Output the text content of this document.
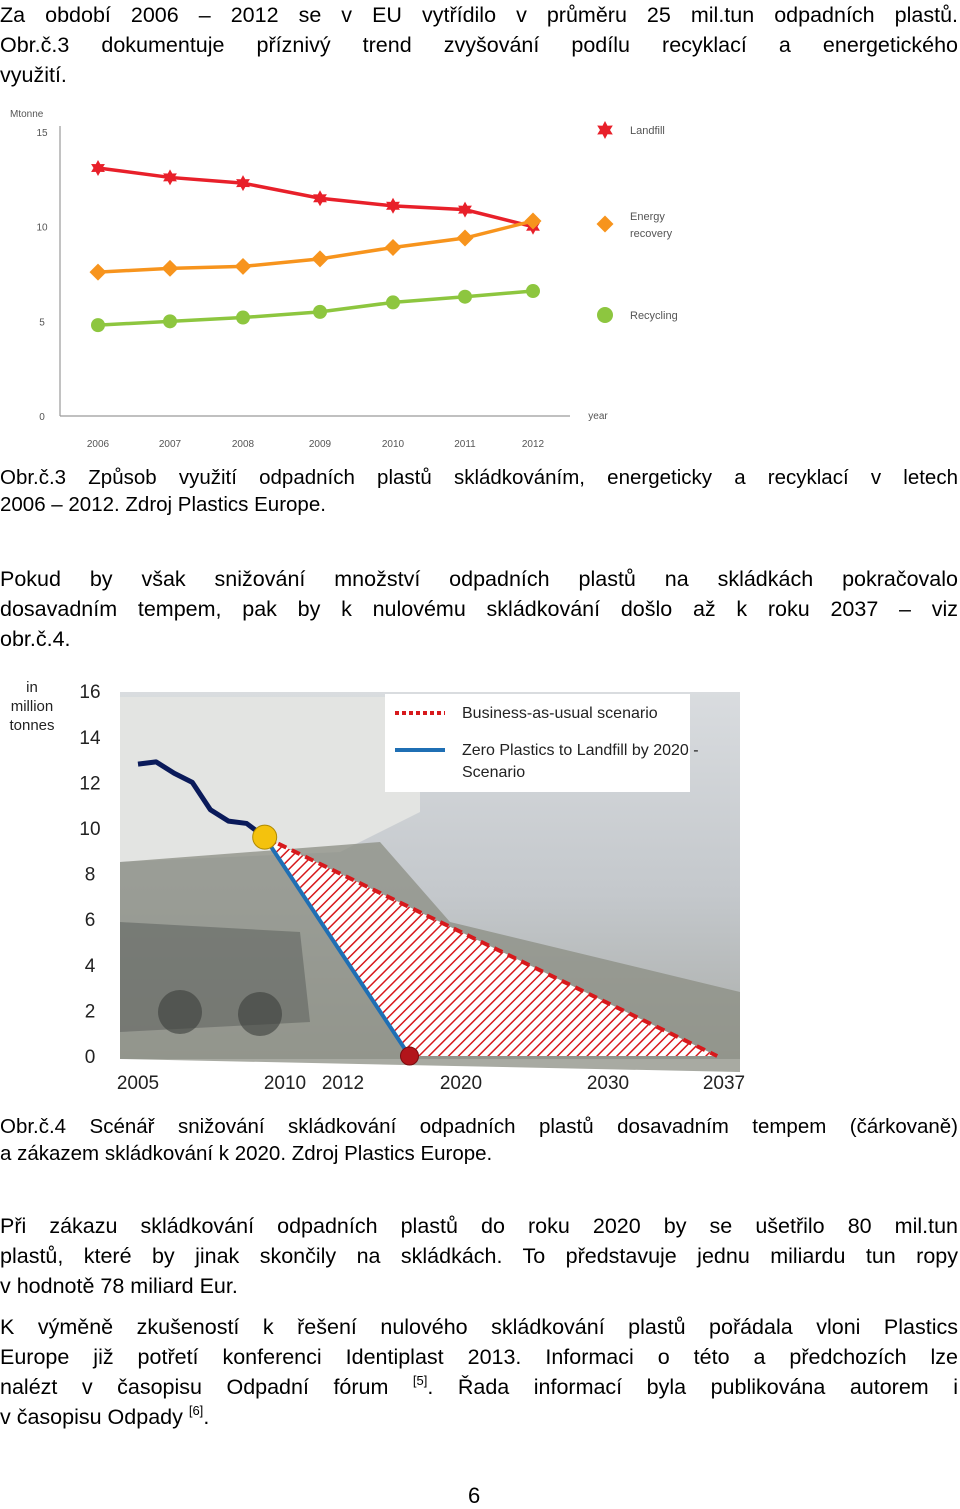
Za období 2006 – 2012 se v EU vytřídilo v průměru 25 mil.tun odpadních plastů.
Obr.č.3 dokumentuje příznivý trend zvyšování podílu recyklací a energetického
využití.
Mtonne
0
5
10
15
2006	2007	2008	2009	2010	2011	2012
year
Landfill
Energy recovery
Recycling
Obr.č.3 Způsob využití odpadních plastů skládkováním, energeticky a recyklací v letech
2006 – 2012. Zdroj Plastics Europe.
Pokud by však snižování množství odpadních plastů na skládkách pokračovalo
dosavadním tempem, pak by k nulovému skládkování došlo až k roku 2037 – viz
obr.č.4.
Business-as-usual scenario
Zero Plastics to Landfill by 2020 -Scenario
in million tonnes
0
2
4
6
8
10
12
14
16
2005	2010 2012	2020	2030	2037
Obr.č.4 Scénář snižování skládkování odpadních plastů dosavadním tempem (čárkovaně)
a zákazem skládkování k 2020. Zdroj Plastics Europe.
Při zákazu skládkování odpadních plastů do roku 2020 by se ušetřilo 80 mil.tun
plastů, které by jinak skončily na skládkách. To představuje jednu miliardu tun ropy
v hodnotě 78 miliard Eur.
K výměně zkušeností k řešení nulového skládkování plastů pořádala vloni Plastics
Europe již potřetí konferenci Identiplast 2013. Informaci o této a předchozích lze
nalézt v časopisu Odpadní fórum [5]. Řada informací byla publikována autorem i
v časopisu Odpady [6].
6
